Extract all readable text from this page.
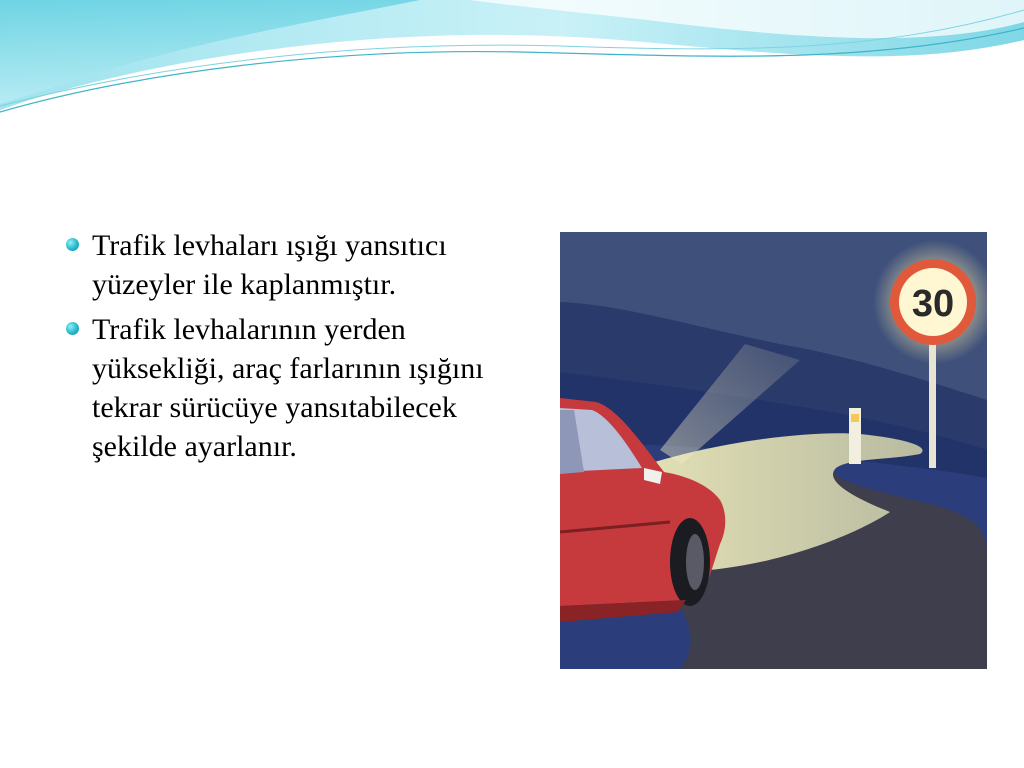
Trafik levhaları ışığı yansıtıcı yüzeyler ile kaplanmıştır.
Trafik levhalarının yerden yüksekliği, araç farlarının ışığını tekrar sürücüye yansıtabilecek şekilde ayarlanır.
30
